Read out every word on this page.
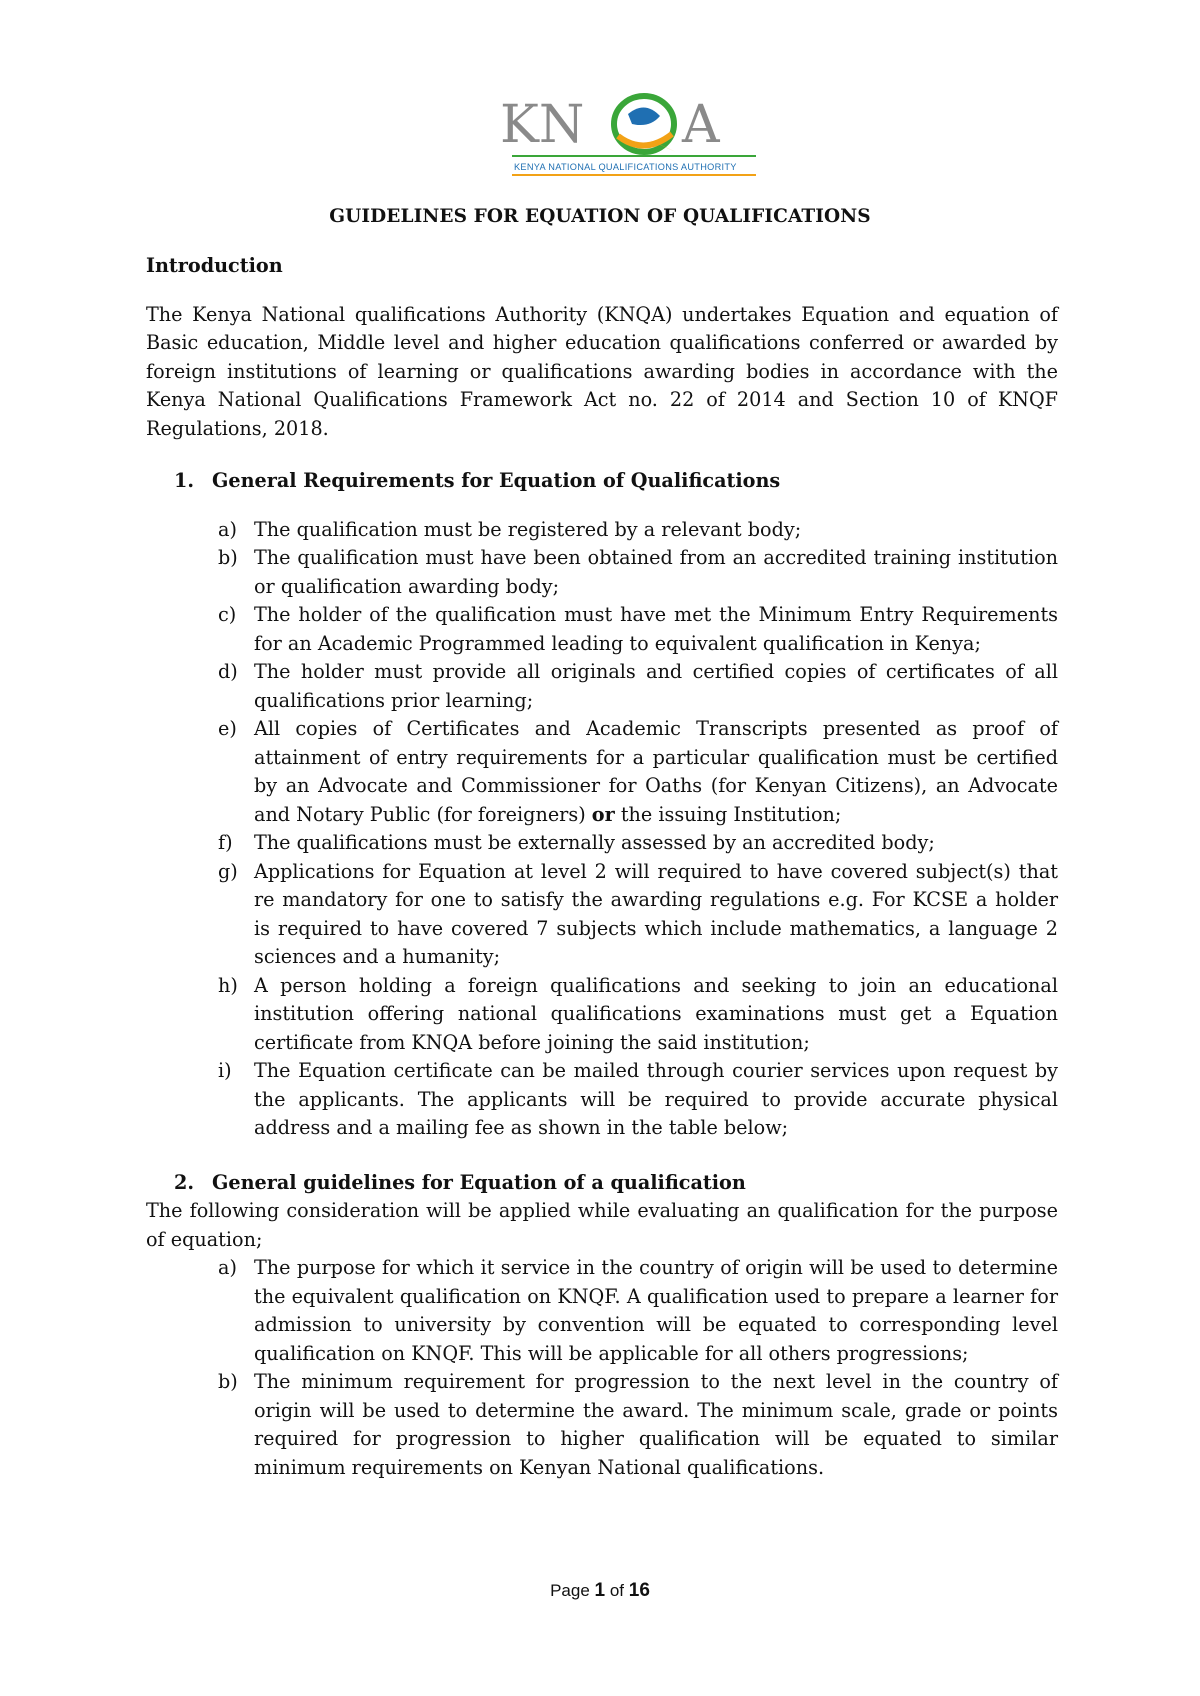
KN A
KENYA NATIONAL QUALIFICATIONS AUTHORITY
GUIDELINES FOR EQUATION OF QUALIFICATIONS

Introduction

The Kenya National qualifications Authority (KNQA) undertakes Equation and equation of Basic education, Middle level and higher education qualifications conferred or awarded by foreign institutions of learning or qualifications awarding bodies in accordance with the Kenya National Qualifications Framework Act no. 22 of 2014 and Section 10 of KNQF Regulations, 2018.

1. General Requirements for Equation of Qualifications

a) The qualification must be registered by a relevant body;
b) The qualification must have been obtained from an accredited training institution or qualification awarding body;
c) The holder of the qualification must have met the Minimum Entry Requirements for an Academic Programmed leading to equivalent qualification in Kenya;
d) The holder must provide all originals and certified copies of certificates of all qualifications prior learning;
e) All copies of Certificates and Academic Transcripts presented as proof of attainment of entry requirements for a particular qualification must be certified by an Advocate and Commissioner for Oaths (for Kenyan Citizens), an Advocate and Notary Public (for foreigners) or the issuing Institution;
f) The qualifications must be externally assessed by an accredited body;
g) Applications for Equation at level 2 will required to have covered subject(s) that re mandatory for one to satisfy the awarding regulations e.g. For KCSE a holder is required to have covered 7 subjects which include mathematics, a language 2 sciences and a humanity;
h) A person holding a foreign qualifications and seeking to join an educational institution offering national qualifications examinations must get a Equation certificate from KNQA before joining the said institution;
i) The Equation certificate can be mailed through courier services upon request by the applicants. The applicants will be required to provide accurate physical address and a mailing fee as shown in the table below;

2. General guidelines for Equation of a qualification

The following consideration will be applied while evaluating an qualification for the purpose of equation;

a) The purpose for which it service in the country of origin will be used to determine the equivalent qualification on KNQF. A qualification used to prepare a learner for admission to university by convention will be equated to corresponding level qualification on KNQF. This will be applicable for all others progressions;
b) The minimum requirement for progression to the next level in the country of origin will be used to determine the award. The minimum scale, grade or points required for progression to higher qualification will be equated to similar minimum requirements on Kenyan National qualifications.
Page 1 of 16
